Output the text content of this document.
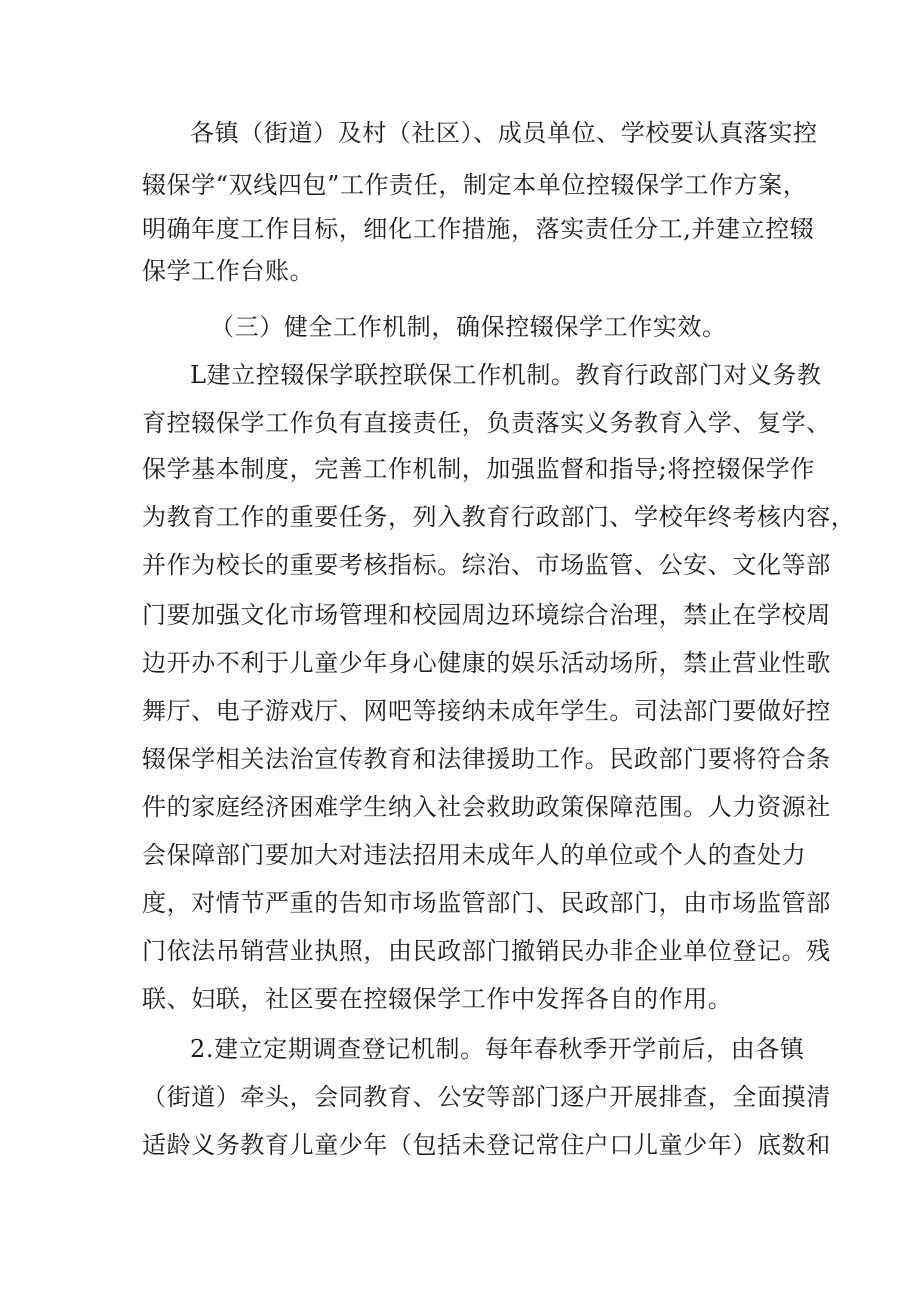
各镇（街道）及村（社区）、成员单位、学校要认真落实控
辍保学“双线四包”工作责任，制定本单位控辍保学工作方案，
明确年度工作目标，细化工作措施，落实责任分工,并建立控辍
保学工作台账。
（三）健全工作机制，确保控辍保学工作实效。
L建立控辍保学联控联保工作机制。教育行政部门对义务教
育控辍保学工作负有直接责任，负责落实义务教育入学、复学、
保学基本制度，完善工作机制，加强监督和指导;将控辍保学作
为教育工作的重要任务，列入教育行政部门、学校年终考核内容，
并作为校长的重要考核指标。综治、市场监管、公安、文化等部
门要加强文化市场管理和校园周边环境综合治理，禁止在学校周
边开办不利于儿童少年身心健康的娱乐活动场所，禁止营业性歌
舞厅、电子游戏厅、网吧等接纳未成年学生。司法部门要做好控
辍保学相关法治宣传教育和法律援助工作。民政部门要将符合条
件的家庭经济困难学生纳入社会救助政策保障范围。人力资源社
会保障部门要加大对违法招用未成年人的单位或个人的查处力
度，对情节严重的告知市场监管部门、民政部门，由市场监管部
门依法吊销营业执照，由民政部门撤销民办非企业单位登记。残
联、妇联，社区要在控辍保学工作中发挥各自的作用。
2.建立定期调查登记机制。每年春秋季开学前后，由各镇
（街道）牵头，会同教育、公安等部门逐户开展排查，全面摸清
适龄义务教育儿童少年（包括未登记常住户口儿童少年）底数和
